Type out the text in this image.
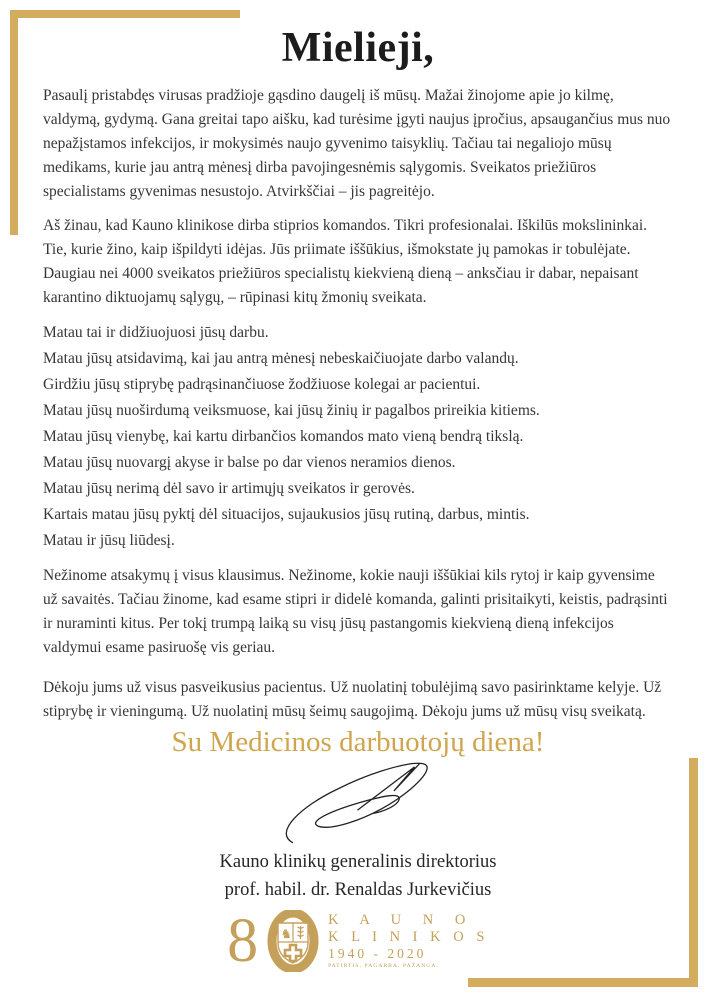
Mielieji,

Pasaulį pristabdęs virusas pradžioje gąsdino daugelį iš mūsų. Mažai žinojome apie jo kilmę, valdymą, gydymą. Gana greitai tapo aišku, kad turėsime įgyti naujus įpročius, apsaugančius mus nuo nepažįstamos infekcijos, ir mokysimės naujo gyvenimo taisyklių. Tačiau tai negaliojo mūsų medikams, kurie jau antrą mėnesį dirba pavojingesnėmis sąlygomis. Sveikatos priežiūros specialistams gyvenimas nesustojo. Atvirkščiai – jis pagreitėjo.

Aš žinau, kad Kauno klinikose dirba stiprios komandos. Tikri profesionalai. Iškilūs mokslininkai. Tie, kurie žino, kaip išpildyti idėjas. Jūs priimate iššūkius, išmokstate jų pamokas ir tobulėjate. Daugiau nei 4000 sveikatos priežiūros specialistų kiekvieną dieną – anksčiau ir dabar, nepaisant karantino diktuojamų sąlygų, – rūpinasi kitų žmonių sveikata.

Matau tai ir didžiuojuosi jūsų darbu.
Matau jūsų atsidavimą, kai jau antrą mėnesį nebeskaičiuojate darbo valandų.
Girdžiu jūsų stiprybę padrąsinančiuose žodžiuose kolegai ar pacientui.
Matau jūsų nuoširdumą veiksmuose, kai jūsų žinių ir pagalbos prireikia kitiems.
Matau jūsų vienybę, kai kartu dirbančios komandos mato vieną bendrą tikslą.
Matau jūsų nuovargį akyse ir balse po dar vienos neramios dienos.
Matau jūsų nerimą dėl savo ir artimųjų sveikatos ir gerovės.
Kartais matau jūsų pyktį dėl situacijos, sujaukusios jūsų rutiną, darbus, mintis.
Matau ir jūsų liūdesį.

Nežinome atsakymų į visus klausimus. Nežinome, kokie nauji iššūkiai kils rytoj ir kaip gyvensime už savaitės. Tačiau žinome, kad esame stipri ir didelė komanda, galinti prisitaikyti, keistis, padrąsinti ir nuraminti kitus. Per tokį trumpą laiką su visų jūsų pastangomis kiekvieną dieną infekcijos valdymui esame pasiruošę vis geriau.

Dėkoju jums už visus pasveikusius pacientus. Už nuolatinį tobulėjimą savo pasirinktame kelyje. Už stiprybę ir vieningumą. Už nuolatinį mūsų šeimų saugojimą. Dėkoju jums už mūsų visų sveikatą.

Su Medicinos darbuotojų diena!
Kauno klinikų generalinis direktorius
prof. habil. dr. Renaldas Jurkevičius
8 ♞
K A U N O
K L I N I K O S
1940 - 2020
PATIRTIS. PAGARBA. PAŽANGA.
